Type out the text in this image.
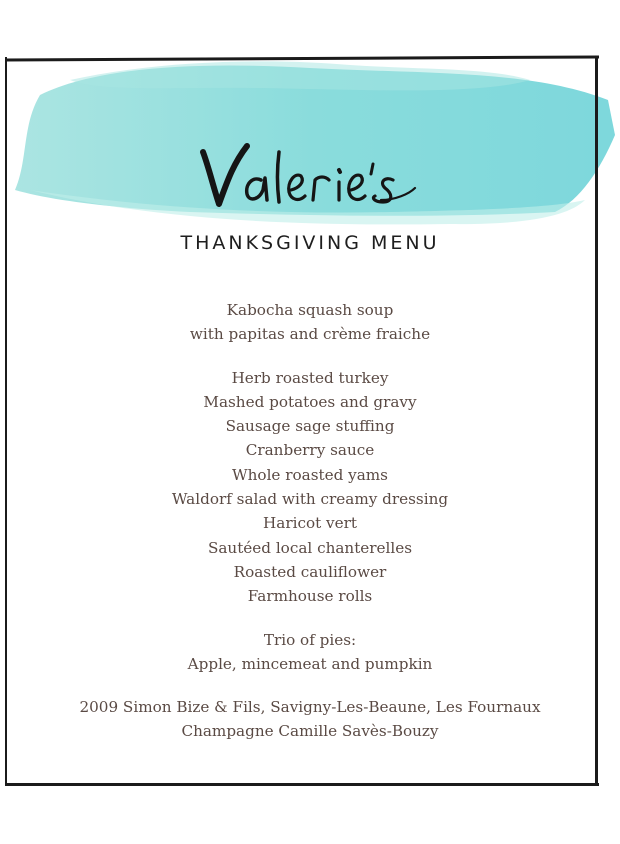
THANKSGIVING MENU
Kabocha squash soup
with papitas and crème fraiche
Herb roasted turkey
Mashed potatoes and gravy
Sausage sage stuffing
Cranberry sauce
Whole roasted yams
Waldorf salad with creamy dressing
Haricot vert
Sautéed local chanterelles
Roasted cauliflower
Farmhouse rolls
Trio of pies:
Apple, mincemeat and pumpkin
2009 Simon Bize & Fils, Savigny-Les-Beaune, Les Fournaux
Champagne Camille Savès-Bouzy
